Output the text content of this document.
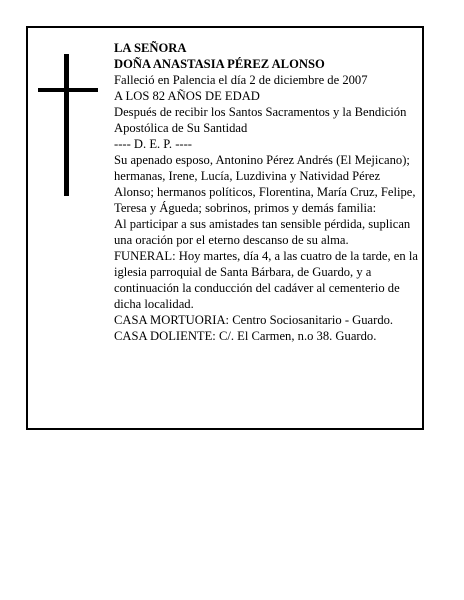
LA SEÑORA
DOÑA ANASTASIA PÉREZ ALONSO
Falleció en Palencia el día 2 de diciembre de 2007
A LOS 82 AÑOS DE EDAD
Después de recibir los Santos Sacramentos y la Bendición Apostólica de Su Santidad
---- D. E. P. ----
Su apenado esposo, Antonino Pérez Andrés (El Mejicano); hermanas, Irene, Lucía, Luzdivina y Natividad Pérez Alonso; hermanos políticos, Florentina, María Cruz, Felipe, Teresa y Águeda; sobrinos, primos y demás familia:
Al participar a sus amistades tan sensible pérdida, suplican una oración por el eterno descanso de su alma.
FUNERAL: Hoy martes, día 4, a las cuatro de la tarde, en la iglesia parroquial de Santa Bárbara, de Guardo, y a continuación la conducción del cadáver al cementerio de dicha localidad.
CASA MORTUORIA: Centro Sociosanitario - Guardo.
CASA DOLIENTE: C/. El Carmen, n.o 38. Guardo.
